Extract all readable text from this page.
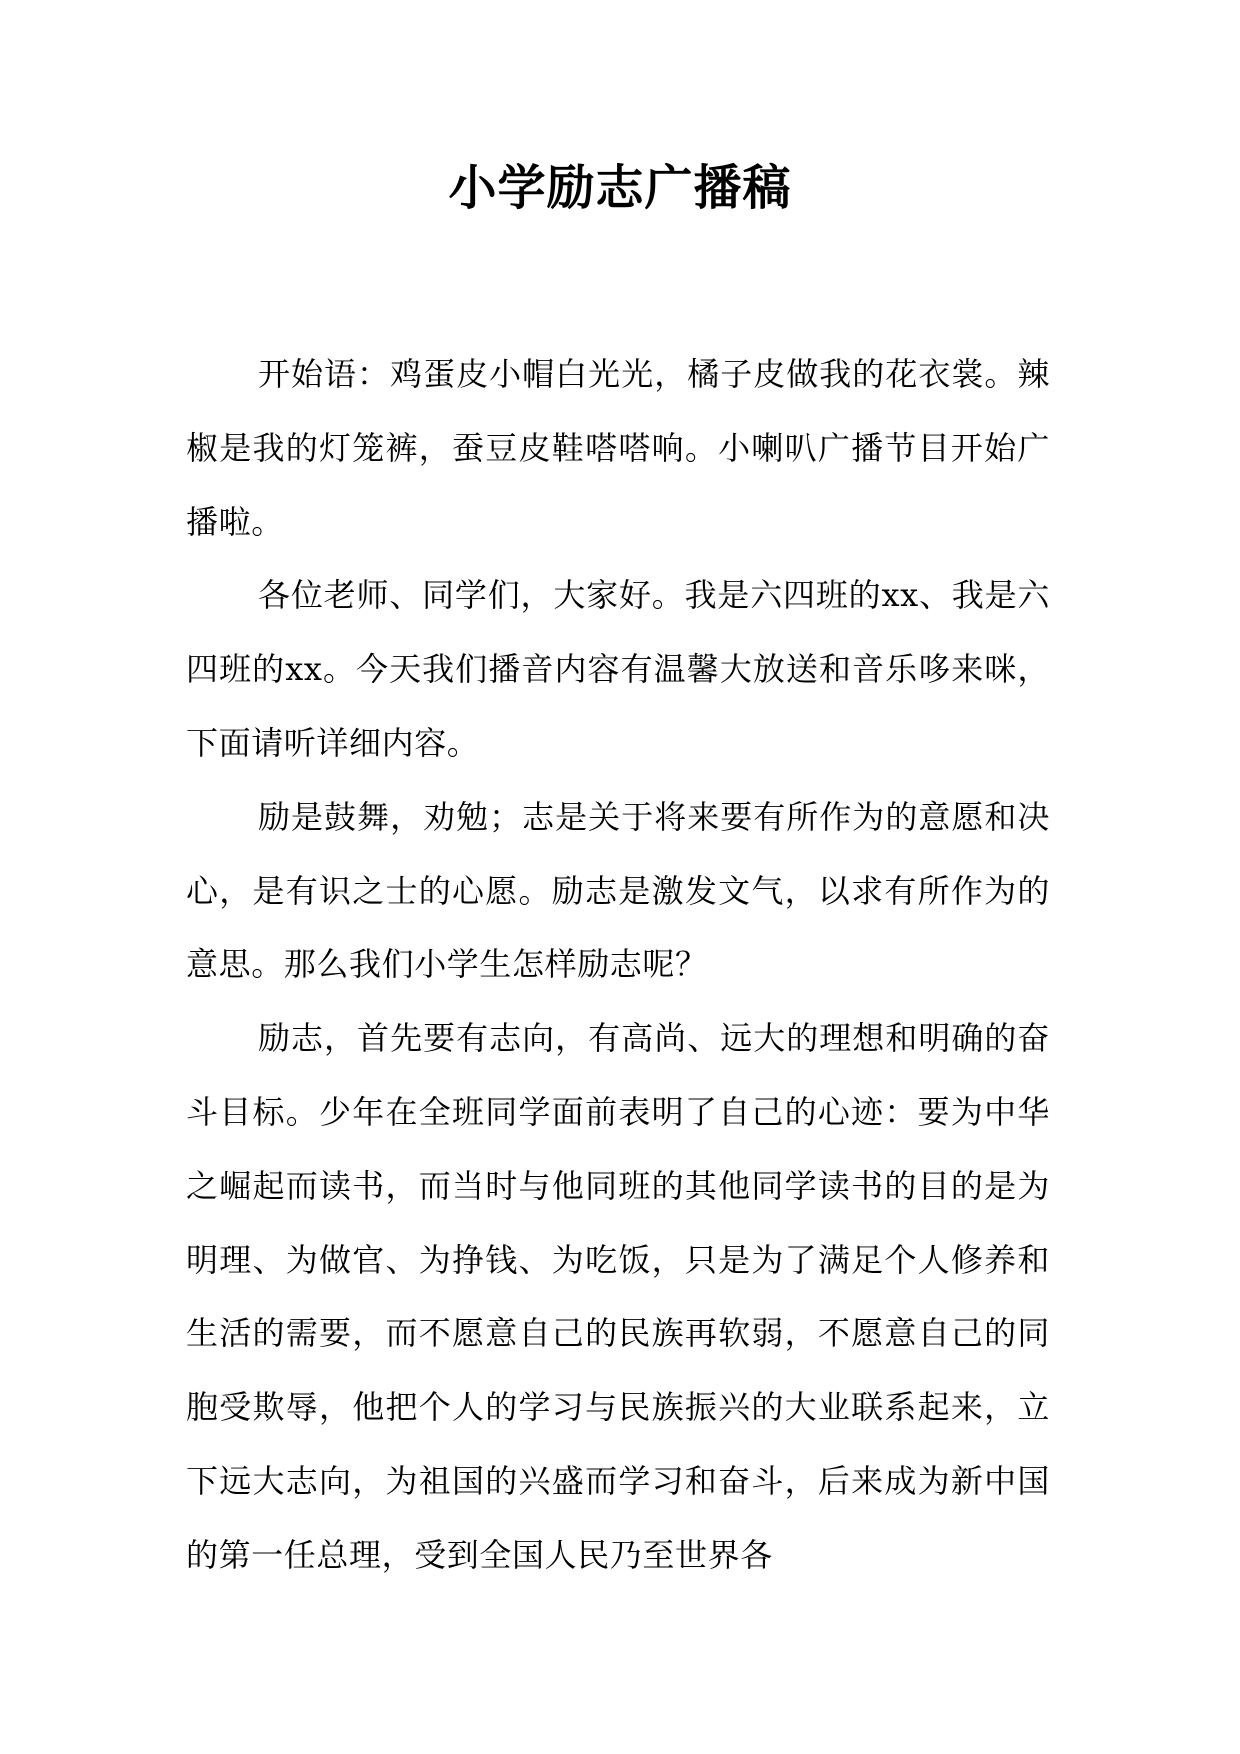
小学励志广播稿

开始语：鸡蛋皮小帽白光光，橘子皮做我的花衣裳。辣椒是我的灯笼裤，蚕豆皮鞋嗒嗒响。小喇叭广播节目开始广播啦。

各位老师、同学们，大家好。我是六四班的xx、我是六四班的xx。今天我们播音内容有温馨大放送和音乐哆来咪，下面请听详细内容。

励是鼓舞，劝勉；志是关于将来要有所作为的意愿和决心，是有识之士的心愿。励志是激发文气，以求有所作为的意思。那么我们小学生怎样励志呢？

励志，首先要有志向，有高尚、远大的理想和明确的奋斗目标。少年在全班同学面前表明了自己的心迹：要为中华之崛起而读书，而当时与他同班的其他同学读书的目的是为明理、为做官、为挣钱、为吃饭，只是为了满足个人修养和生活的需要，而不愿意自己的民族再软弱，不愿意自己的同胞受欺辱，他把个人的学习与民族振兴的大业联系起来，立下远大志向，为祖国的兴盛而学习和奋斗，后来成为新中国的第一任总理，受到全国人民乃至世界各
